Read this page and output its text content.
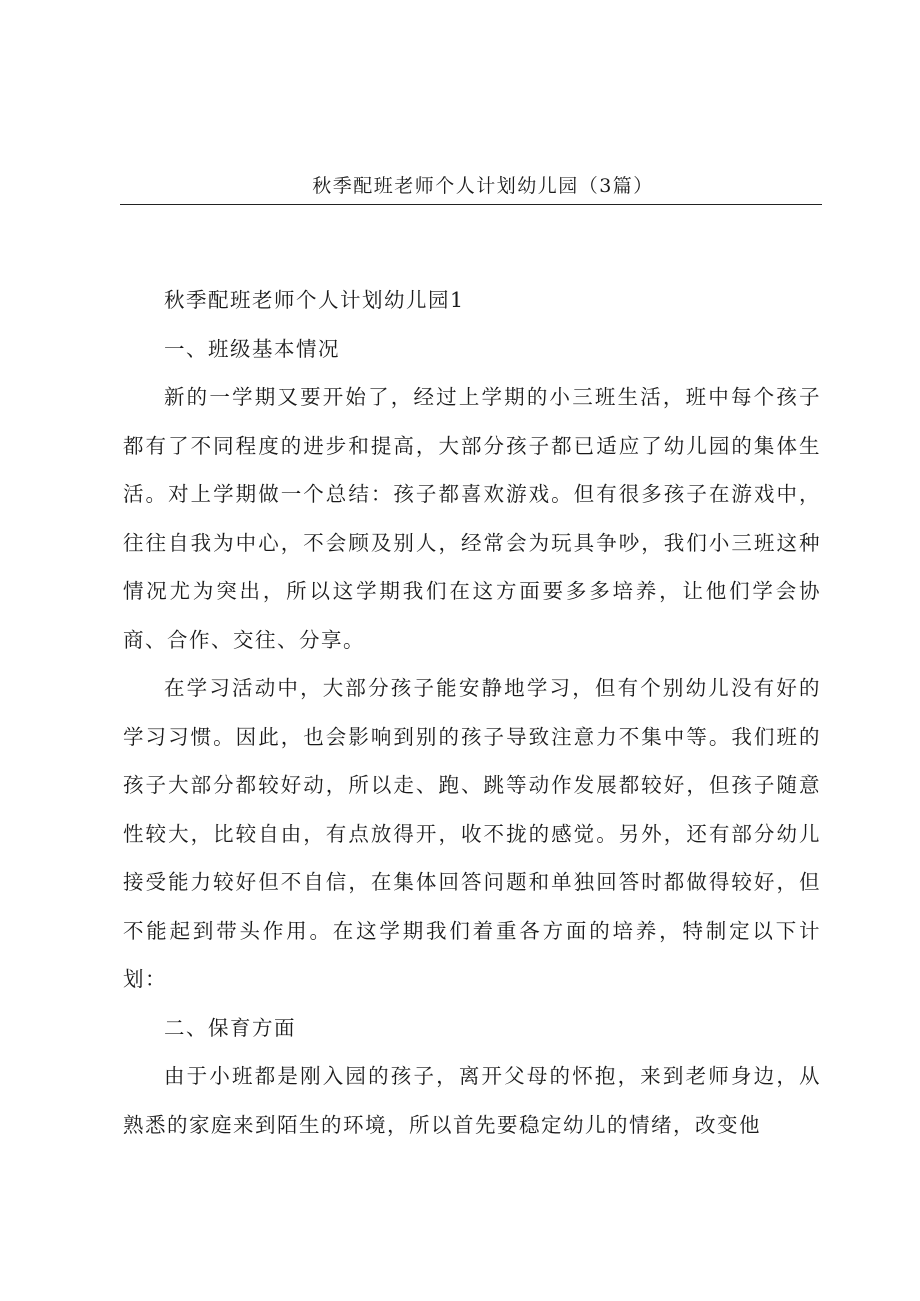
秋季配班老师个人计划幼儿园（3篇）

秋季配班老师个人计划幼儿园1

一、班级基本情况

新的一学期又要开始了，经过上学期的小三班生活，班中每个孩子都有了不同程度的进步和提高，大部分孩子都已适应了幼儿园的集体生活。对上学期做一个总结：孩子都喜欢游戏。但有很多孩子在游戏中，往往自我为中心，不会顾及别人，经常会为玩具争吵，我们小三班这种情况尤为突出，所以这学期我们在这方面要多多培养，让他们学会协商、合作、交往、分享。

在学习活动中，大部分孩子能安静地学习，但有个别幼儿没有好的学习习惯。因此，也会影响到别的孩子导致注意力不集中等。我们班的孩子大部分都较好动，所以走、跑、跳等动作发展都较好，但孩子随意性较大，比较自由，有点放得开，收不拢的感觉。另外，还有部分幼儿接受能力较好但不自信，在集体回答问题和单独回答时都做得较好，但不能起到带头作用。在这学期我们着重各方面的培养，特制定以下计划：

二、保育方面

由于小班都是刚入园的孩子，离开父母的怀抱，来到老师身边，从熟悉的家庭来到陌生的环境，所以首先要稳定幼儿的情绪，改变他
